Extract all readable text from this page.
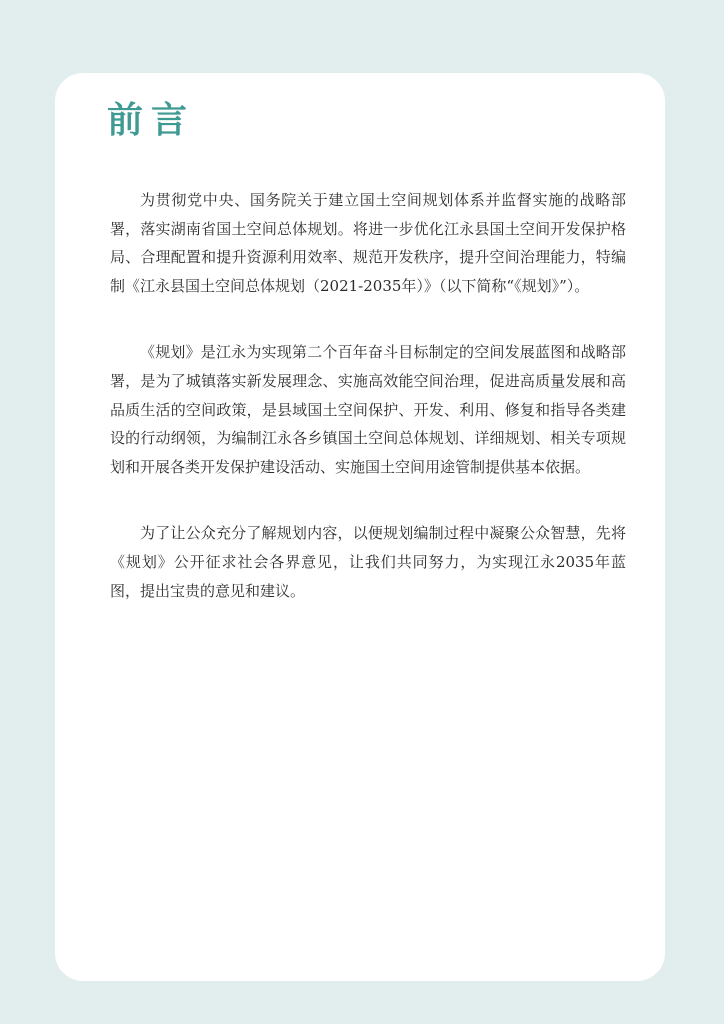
前言

为贯彻党中央、国务院关于建立国土空间规划体系并监督实施的战略部署，落实湖南省国土空间总体规划。将进一步优化江永县国土空间开发保护格局、合理配置和提升资源利用效率、规范开发秩序，提升空间治理能力，特编制《江永县国土空间总体规划（2021-2035年）》（以下简称“《规划》”）。

《规划》是江永为实现第二个百年奋斗目标制定的空间发展蓝图和战略部署，是为了城镇落实新发展理念、实施高效能空间治理，促进高质量发展和高品质生活的空间政策，是县域国土空间保护、开发、利用、修复和指导各类建设的行动纲领，为编制江永各乡镇国土空间总体规划、详细规划、相关专项规划和开展各类开发保护建设活动、实施国土空间用途管制提供基本依据。

为了让公众充分了解规划内容，以便规划编制过程中凝聚公众智慧，先将《规划》公开征求社会各界意见，让我们共同努力，为实现江永2035年蓝图，提出宝贵的意见和建议。
